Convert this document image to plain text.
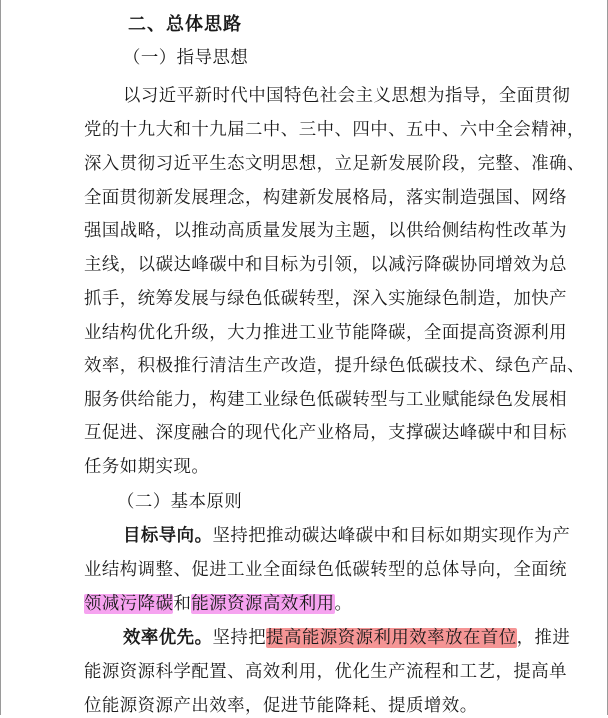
二、总体思路
（一）指导思想
以习近平新时代中国特色社会主义思想为指导，全面贯彻
党的十九大和十九届二中、三中、四中、五中、六中全会精神，
深入贯彻习近平生态文明思想，立足新发展阶段，完整、准确、
全面贯彻新发展理念，构建新发展格局，落实制造强国、网络
强国战略，以推动高质量发展为主题，以供给侧结构性改革为
主线，以碳达峰碳中和目标为引领，以减污降碳协同增效为总
抓手，统筹发展与绿色低碳转型，深入实施绿色制造，加快产
业结构优化升级，大力推进工业节能降碳，全面提高资源利用
效率，积极推行清洁生产改造，提升绿色低碳技术、绿色产品、
服务供给能力，构建工业绿色低碳转型与工业赋能绿色发展相
互促进、深度融合的现代化产业格局，支撑碳达峰碳中和目标
任务如期实现。
（二）基本原则
目标导向。坚持把推动碳达峰碳中和目标如期实现作为产
业结构调整、促进工业全面绿色低碳转型的总体导向，全面统
领减污降碳和能源资源高效利用。
效率优先。坚持把提高能源资源利用效率放在首位，推进
能源资源科学配置、高效利用，优化生产流程和工艺，提高单
位能源资源产出效率，促进节能降耗、提质增效。
